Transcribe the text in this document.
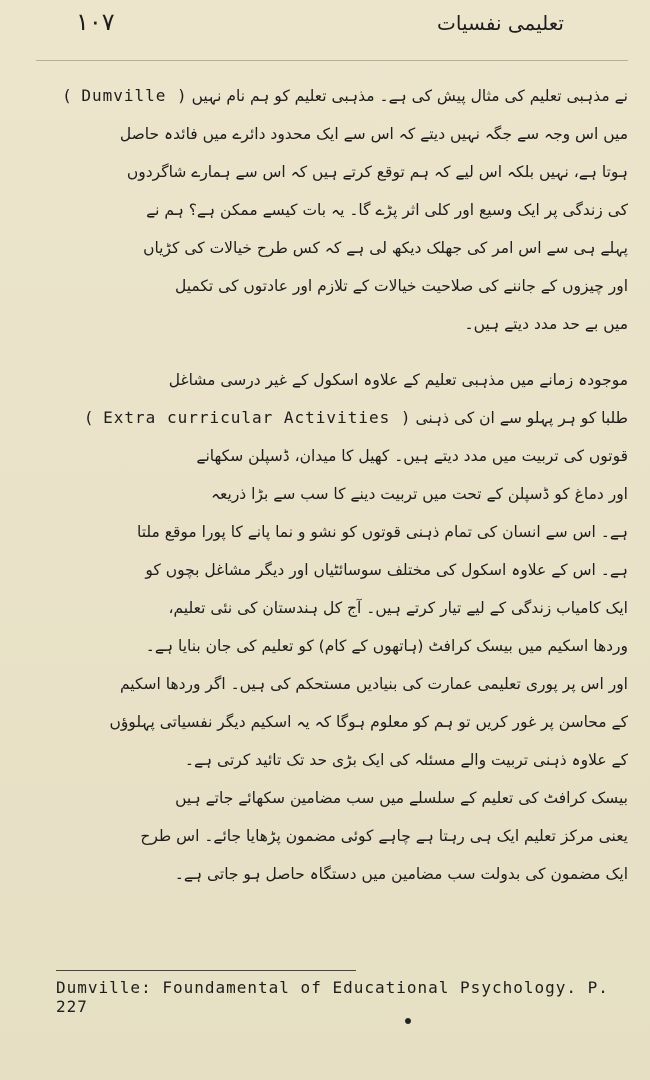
تعلیمی نفسیات
۱۰۷
نے مذہبی تعلیم کی مثال پیش کی ہے۔ مذہبی تعلیم کو ہم نام نہیں ( Dumville )
میں اس وجہ سے جگہ نہیں دیتے کہ اس سے ایک محدود دائرے میں فائدہ حاصل
ہوتا ہے، نہیں بلکہ اس لیے کہ ہم توقع کرتے ہیں کہ اس سے ہمارے شاگردوں
کی زندگی پر ایک وسیع اور کلی اثر پڑے گا۔ یہ بات کیسے ممکن ہے؟ ہم نے
پہلے ہی سے اس امر کی جھلک دیکھ لی ہے کہ کس طرح خیالات کی کڑیاں
اور چیزوں کے جاننے کی صلاحیت خیالات کے تلازم اور عادتوں کی تکمیل
میں بے حد مدد دیتے ہیں۔
موجودہ زمانے میں مذہبی تعلیم کے علاوہ اسکول کے غیر درسی مشاغل
طلبا کو ہر پہلو سے ان کی ذہنی ( Extra curricular Activities )
قوتوں کی تربیت میں مدد دیتے ہیں۔ کھیل کا میدان، ڈسپلن سکھانے
اور دماغ کو ڈسپلن کے تحت میں تربیت دینے کا سب سے بڑا ذریعہ
ہے۔ اس سے انسان کی تمام ذہنی قوتوں کو نشو و نما پانے کا پورا موقع ملتا
ہے۔ اس کے علاوہ اسکول کی مختلف سوسائٹیاں اور دیگر مشاغل بچوں کو
ایک کامیاب زندگی کے لیے تیار کرتے ہیں۔ آج کل ہندستان کی نئی تعلیم،
وردھا اسکیم میں بیسک کرافٹ (ہاتھوں کے کام) کو تعلیم کی جان بنایا ہے۔
اور اس پر پوری تعلیمی عمارت کی بنیادیں مستحکم کی ہیں۔ اگر وردھا اسکیم
کے محاسن پر غور کریں تو ہم کو معلوم ہوگا کہ یہ اسکیم دیگر نفسیاتی پہلوؤں
کے علاوہ ذہنی تربیت والے مسئلہ کی ایک بڑی حد تک تائید کرتی ہے۔
بیسک کرافٹ کی تعلیم کے سلسلے میں سب مضامین سکھائے جاتے ہیں
یعنی مرکز تعلیم ایک ہی رہتا ہے چاہے کوئی مضمون پڑھایا جائے۔ اس طرح
ایک مضمون کی بدولت سب مضامین میں دستگاہ حاصل ہو جاتی ہے۔
Dumville: Foundamental of Educational Psychology. P. 227
